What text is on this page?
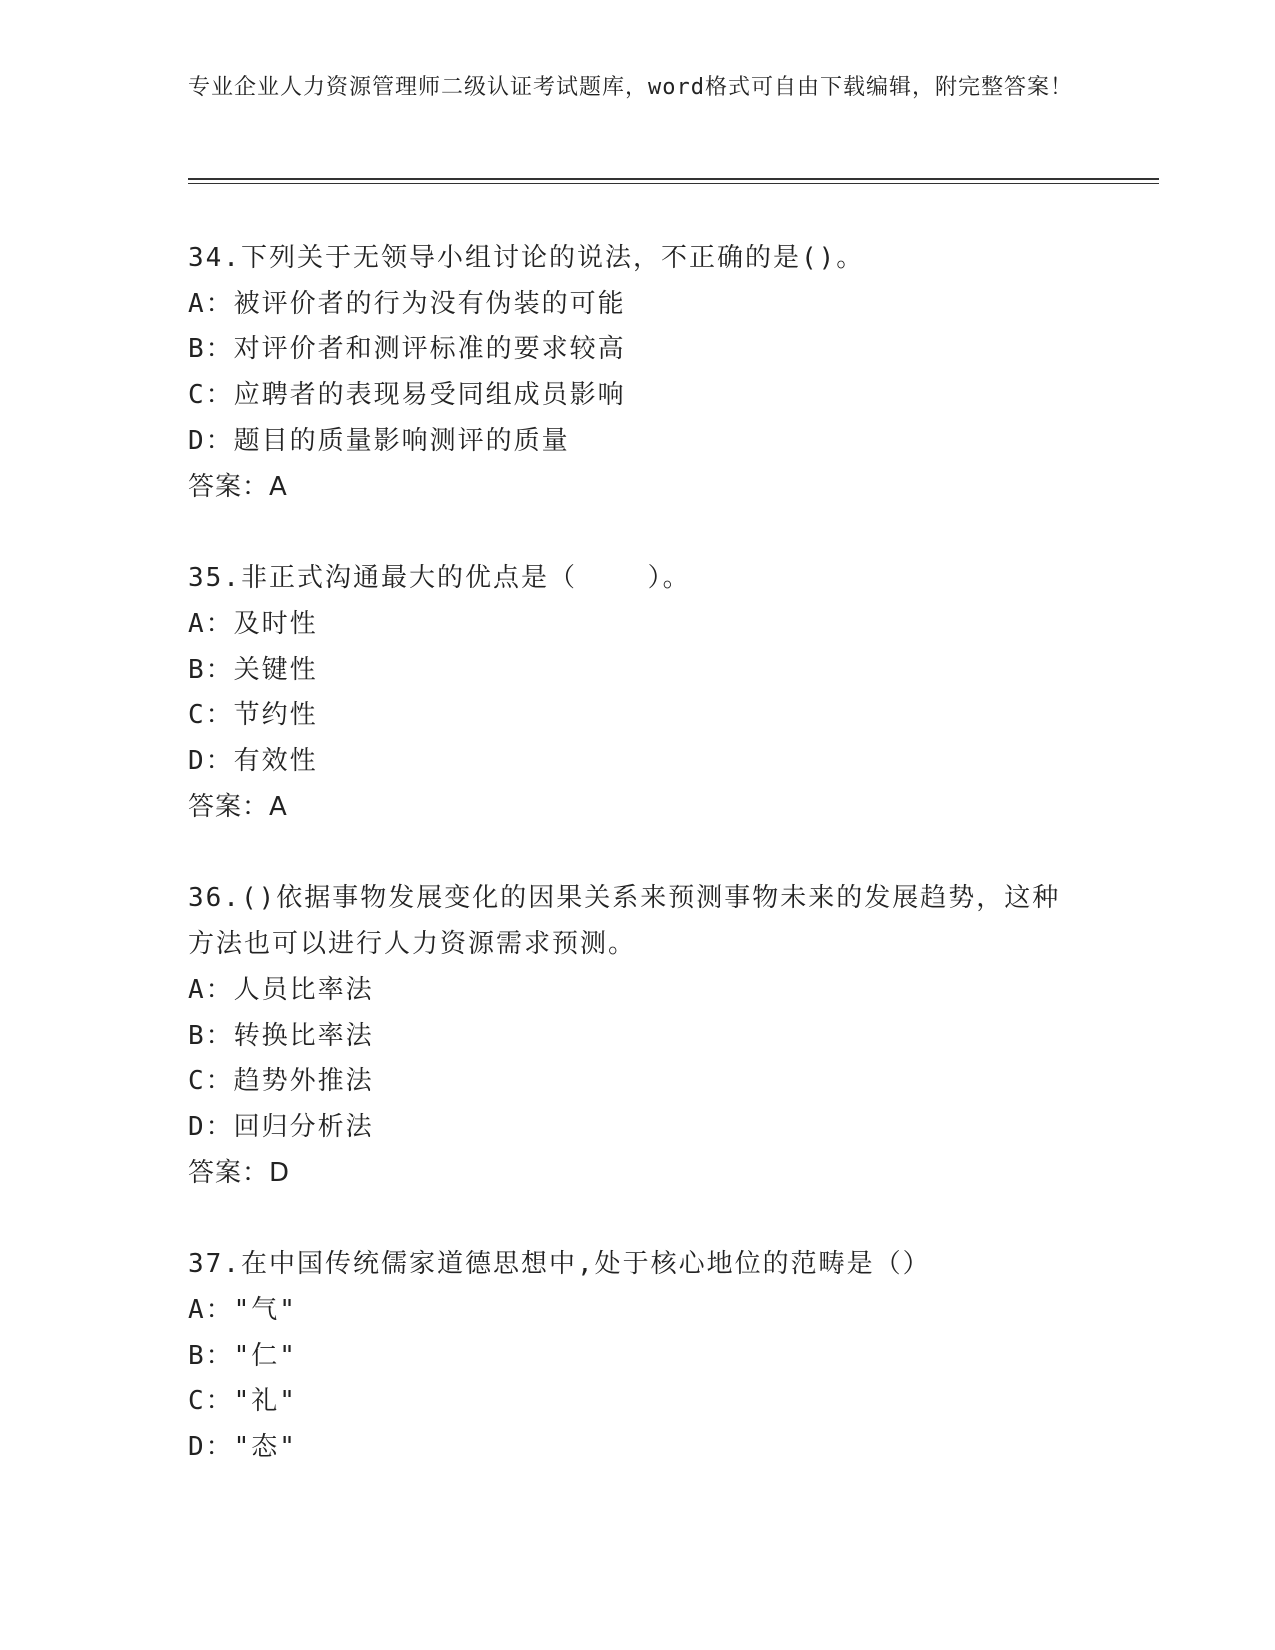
专业企业人力资源管理师二级认证考试题库，word格式可自由下载编辑，附完整答案！
34.下列关于无领导小组讨论的说法，不正确的是()。
A：被评价者的行为没有伪装的可能
B：对评价者和测评标准的要求较高
C：应聘者的表现易受同组成员影响
D：题目的质量影响测评的质量
答案：A
35.非正式沟通最大的优点是（    ）。
A：及时性
B：关键性
C：节约性
D：有效性
答案：A
36.()依据事物发展变化的因果关系来预测事物未来的发展趋势，这种方法也可以进行人力资源需求预测。
A：人员比率法
B：转换比率法
C：趋势外推法
D：回归分析法
答案：D
37.在中国传统儒家道德思想中,处于核心地位的范畴是（）
A："气"
B："仁"
C："礼"
D："态"
